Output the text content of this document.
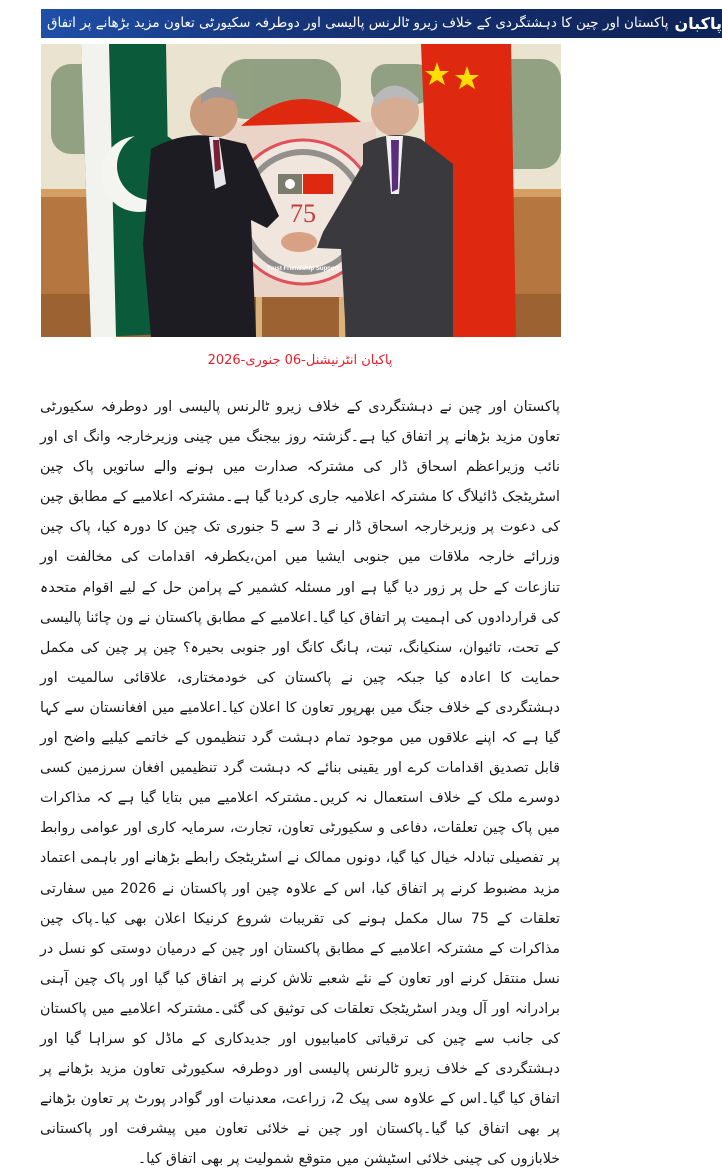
پاکستان اور چین کا دہشتگردی کے خلاف زیرو ٹالرنس پالیسی اور دوطرفہ سکیورٹی تعاون مزید بڑھانے پر اتفاق پاکبان
75
Trust Friendship Support
پاکبان انٹرنیشنل-06 جنوری-2026

پاکستان اور چین نے دہشتگردی کے خلاف زیرو ٹالرنس پالیسی اور دوطرفہ سکیورٹی تعاون مزید بڑھانے پر اتفاق کیا ہے۔گزشتہ روز بیجنگ میں چینی وزیرخارجہ وانگ ای اور نائب وزیراعظم اسحاق ڈار کی مشترکہ صدارت میں ہونے والے ساتویں پاک چین اسٹریٹجک ڈائیلاگ کا مشترکہ اعلامیہ جاری کردیا گیا ہے۔مشترکہ اعلامیے کے مطابق چین کی دعوت پر وزیرخارجہ اسحاق ڈار نے 3 سے 5 جنوری تک چین کا دورہ کیا، پاک چین وزرائے خارجہ ملاقات میں جنوبی ایشیا میں امن،یکطرفہ اقدامات کی مخالفت اور تنازعات کے حل پر زور دیا گیا ہے اور مسئلہ کشمیر کے پرامن حل کے لیے اقوام متحدہ کی قراردادوں کی اہمیت پر اتفاق کیا گیا۔اعلامیے کے مطابق پاکستان نے ون چائنا پالیسی کے تحت، تائیوان، سنکیانگ، تبت، ہانگ کانگ اور جنوبی بحیرہ؟ چین پر چین کی مکمل حمایت کا اعادہ کیا جبکہ چین نے پاکستان کی خودمختاری، علاقائی سالمیت اور دہشتگردی کے خلاف جنگ میں بھرپور تعاون کا اعلان کیا۔اعلامیے میں افغانستان سے کہا گیا ہے کہ اپنے علاقوں میں موجود تمام دہشت گرد تنظیموں کے خاتمے کیلیے واضح اور قابل تصدیق اقدامات کرے اور یقینی بنائے کہ دہشت گرد تنظیمیں افغان سرزمین کسی دوسرے ملک کے خلاف استعمال نہ کریں۔مشترکہ اعلامیے میں بتایا گیا ہے کہ مذاکرات میں پاک چین تعلقات، دفاعی و سکیورٹی تعاون، تجارت، سرمایہ کاری اور عوامی روابط پر تفصیلی تبادلہ خیال کیا گیا، دونوں ممالک نے اسٹریٹجک رابطے بڑھانے اور باہمی اعتماد مزید مضبوط کرنے پر اتفاق کیا، اس کے علاوہ چین اور پاکستان نے 2026 میں سفارتی تعلقات کے 75 سال مکمل ہونے کی تقریبات شروع کرنیکا اعلان بھی کیا۔پاک چین مذاکرات کے مشترکہ اعلامیے کے مطابق پاکستان اور چین کے درمیان دوستی کو نسل در نسل منتقل کرنے اور تعاون کے نئے شعبے تلاش کرنے پر اتفاق کیا گیا اور پاک چین آہنی برادرانہ اور آل ویدر اسٹریٹجک تعلقات کی توثیق کی گئی۔مشترکہ اعلامیے میں پاکستان کی جانب سے چین کی ترقیاتی کامیابیوں اور جدیدکاری کے ماڈل کو سراہا گیا اور دہشتگردی کے خلاف زیرو ٹالرنس پالیسی اور دوطرفہ سکیورٹی تعاون مزید بڑھانے پر اتفاق کیا گیا۔اس کے علاوہ سی پیک 2، زراعت، معدنیات اور گوادر پورٹ پر تعاون بڑھانے پر بھی اتفاق کیا گیا۔پاکستان اور چین نے خلائی تعاون میں پیشرفت اور پاکستانی خلابازوں کی چینی خلائی اسٹیشن میں متوقع شمولیت پر بھی اتفاق کیا۔
